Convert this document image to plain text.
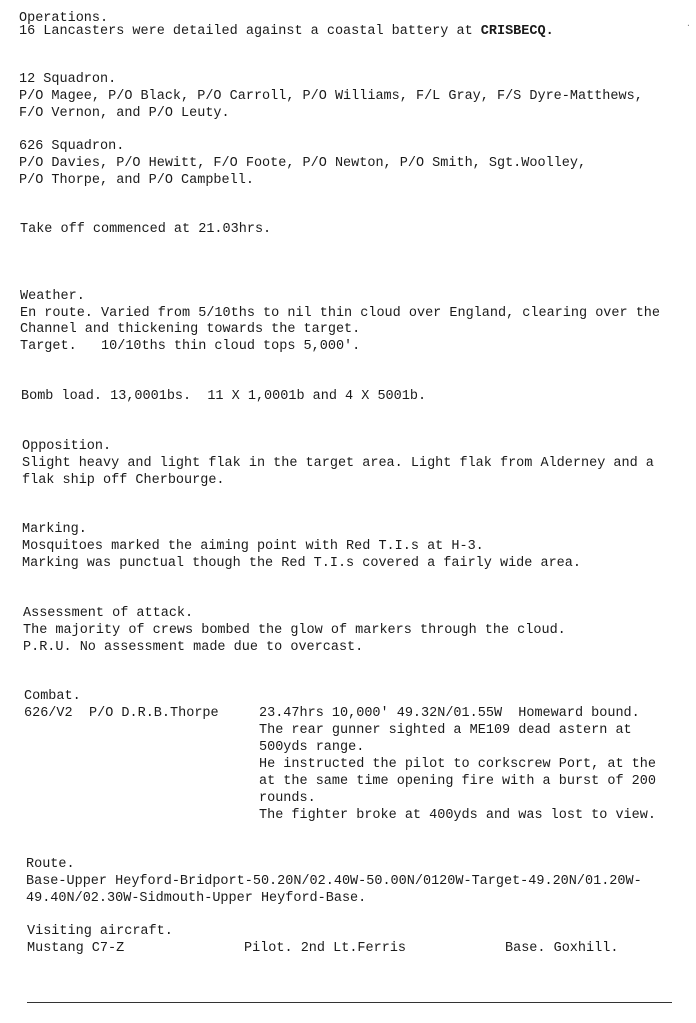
.
Operations.
16 Lancasters were detailed against a coastal battery at CRISBECQ.
12 Squadron.
P/O Magee, P/O Black, P/O Carroll, P/O Williams, F/L Gray, F/S Dyre-Matthews,
F/O Vernon, and P/O Leuty.
626 Squadron.
P/O Davies, P/O Hewitt, F/O Foote, P/O Newton, P/O Smith, Sgt.Woolley,
P/O Thorpe, and P/O Campbell.
Take off commenced at 21.03hrs.
Weather.
En route. Varied from 5/10ths to nil thin cloud over England, clearing over the
Channel and thickening towards the target.
Target.   10/10ths thin cloud tops 5,000'.
Bomb load. 13,0001bs.  11 X 1,0001b and 4 X 5001b.
Opposition.
Slight heavy and light flak in the target area. Light flak from Alderney and a
flak ship off Cherbourge.
Marking.
Mosquitoes marked the aiming point with Red T.I.s at H-3.
Marking was punctual though the Red T.I.s covered a fairly wide area.
Assessment of attack.
The majority of crews bombed the glow of markers through the cloud.
P.R.U. No assessment made due to overcast.
Combat.
626/V2 P/O D.R.B.Thorpe	23.47hrs 10,000' 49.32N/01.55W  Homeward bound.
The rear gunner sighted a ME109 dead astern at
500yds range.
He instructed the pilot to corkscrew Port, at the
at the same time opening fire with a burst of 200
rounds.
The fighter broke at 400yds and was lost to view.
Route.
Base-Upper Heyford-Bridport-50.20N/02.40W-50.00N/0120W-Target-49.20N/01.20W-
49.40N/02.30W-Sidmouth-Upper Heyford-Base.
Visiting aircraft.
Mustang C7-Z	Pilot. 2nd Lt.Ferris	Base. Goxhill.
